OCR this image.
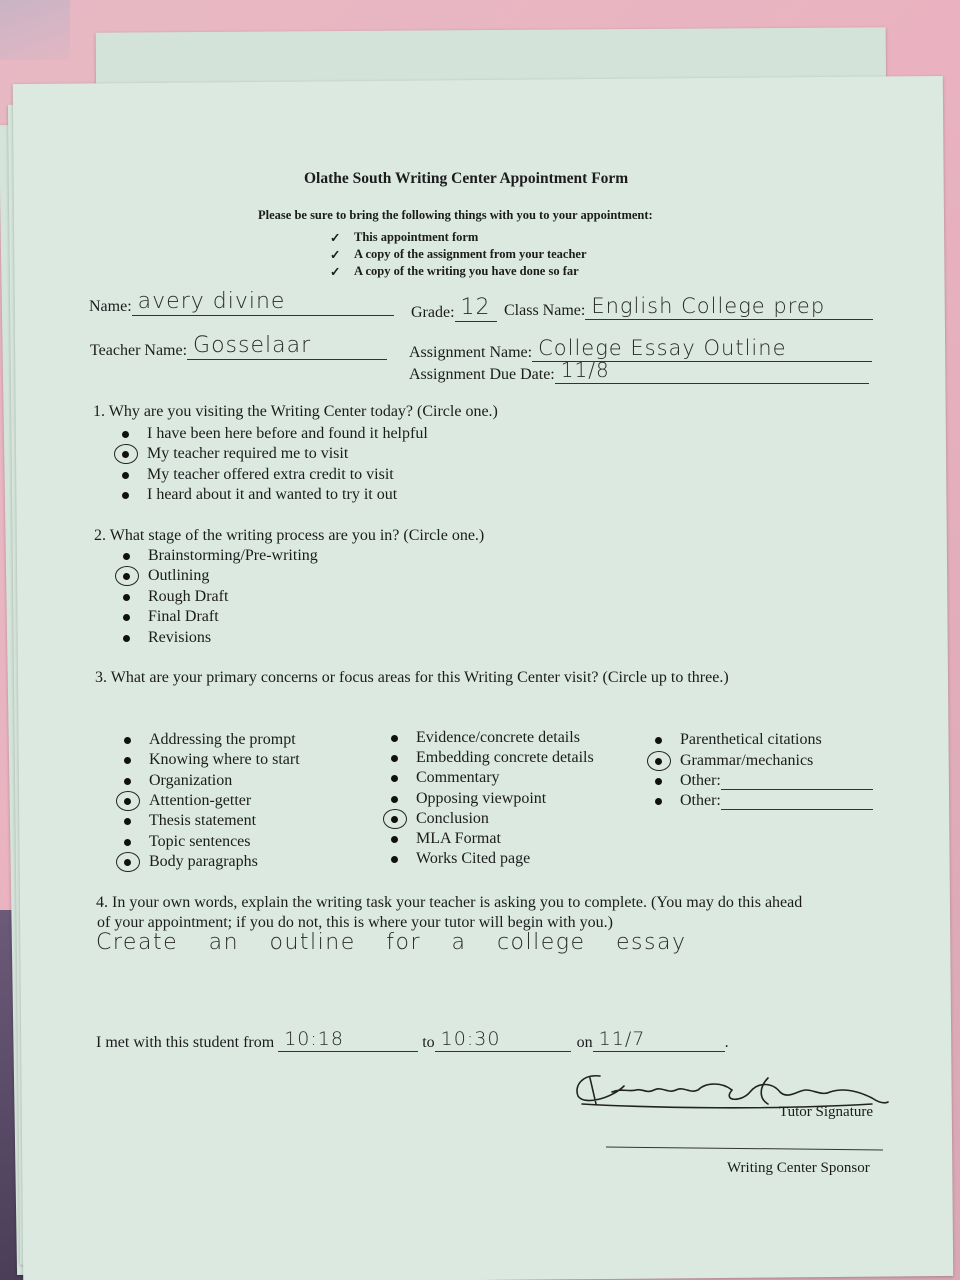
Olathe South Writing Center Appointment Form
Please be sure to bring the following things with you to your appointment:
✓ This appointment form
✓ A copy of the assignment from your teacher
✓ A copy of the writing you have done so far
Name: avery divine	Grade: 12 Class Name: English College prep
Teacher Name: Gosselaar	Assignment Name: College Essay Outline
Assignment Due Date: 11/8
1. Why are you visiting the Writing Center today? (Circle one.)
I have been here before and found it helpful
My teacher required me to visit
My teacher offered extra credit to visit
I heard about it and wanted to try it out
2. What stage of the writing process are you in? (Circle one.)
Brainstorming/Pre-writing
Outlining
Rough Draft
Final Draft
Revisions
3. What are your primary concerns or focus areas for this Writing Center visit? (Circle up to three.)
Addressing the prompt
Knowing where to start
Organization
Attention-getter
Thesis statement
Topic sentences
Body paragraphs
Evidence/concrete details
Embedding concrete details
Commentary
Opposing viewpoint
Conclusion
MLA Format
Works Cited page
Parenthetical citations
Grammar/mechanics
Other:
Other:
4. In your own words, explain the writing task your teacher is asking you to complete. (You may do this ahead
of your appointment; if you do not, this is where your tutor will begin with you.)
Create an outline for a college essay
I met with this student from 10:18	to 10:30	on 11/7	.
Tutor Signature
Writing Center Sponsor
